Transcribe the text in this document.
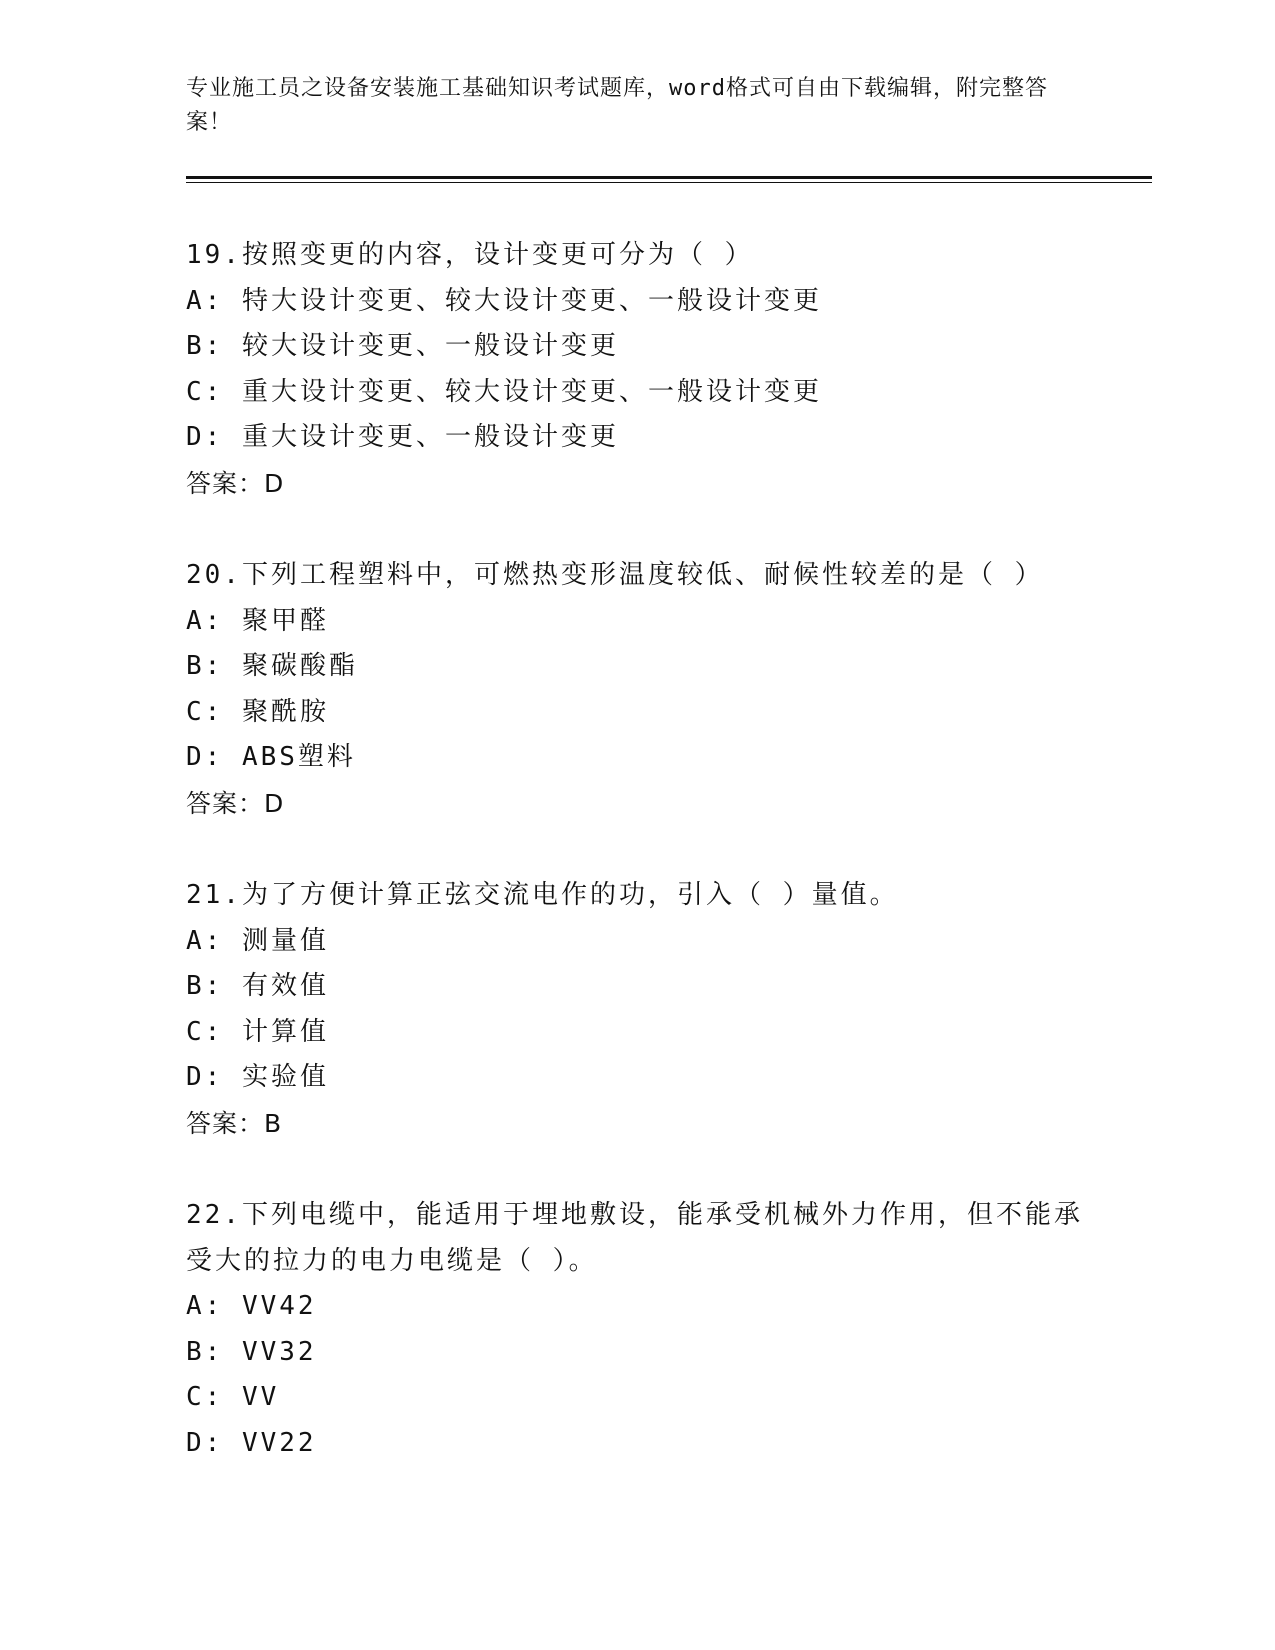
专业施工员之设备安装施工基础知识考试题库，word格式可自由下载编辑，附完整答案！
19.按照变更的内容，设计变更可分为（ ）
A: 特大设计变更、较大设计变更、一般设计变更
B: 较大设计变更、一般设计变更
C: 重大设计变更、较大设计变更、一般设计变更
D: 重大设计变更、一般设计变更
答案：D
20.下列工程塑料中，可燃热变形温度较低、耐候性较差的是（ ）
A: 聚甲醛
B: 聚碳酸酯
C: 聚酰胺
D: ABS塑料
答案：D
21.为了方便计算正弦交流电作的功，引入（ ）量值。
A: 测量值
B: 有效值
C: 计算值
D: 实验值
答案：B
22.下列电缆中，能适用于埋地敷设，能承受机械外力作用，但不能承受大的拉力的电力电缆是（ ）。
A: VV42
B: VV32
C: VV
D: VV22
